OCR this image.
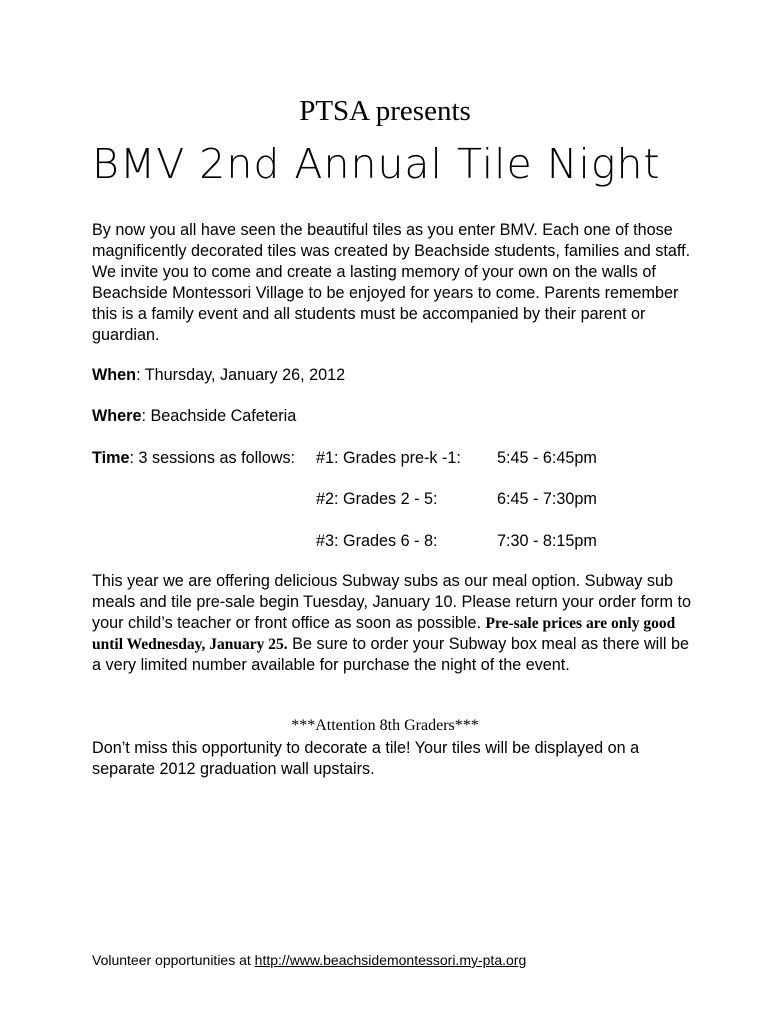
PTSA presents
BMV 2nd Annual Tile Night
By now you all have seen the beautiful tiles as you enter BMV. Each one of those magnificently decorated tiles was created by Beachside students, families and staff. We invite you to come and create a lasting memory of your own on the walls of Beachside Montessori Village to be enjoyed for years to come. Parents remember this is a family event and all students must be accompanied by their parent or guardian.
When: Thursday, January 26, 2012
Where: Beachside Cafeteria
Time: 3 sessions as follows: #1: Grades pre-k -1: 5:45 - 6:45pm
#2: Grades 2 - 5:	6:45 - 7:30pm
#3: Grades 6 - 8:	7:30 - 8:15pm
This year we are offering delicious Subway subs as our meal option. Subway sub meals and tile pre-sale begin Tuesday, January 10. Please return your order form to your child’s teacher or front office as soon as possible. Pre-sale prices are only good until Wednesday, January 25. Be sure to order your Subway box meal as there will be a very limited number available for purchase the night of the event.
***Attention 8th Graders***
Don’t miss this opportunity to decorate a tile! Your tiles will be displayed on a separate 2012 graduation wall upstairs.
Volunteer opportunities at http://www.beachsidemontessori.my-pta.org
